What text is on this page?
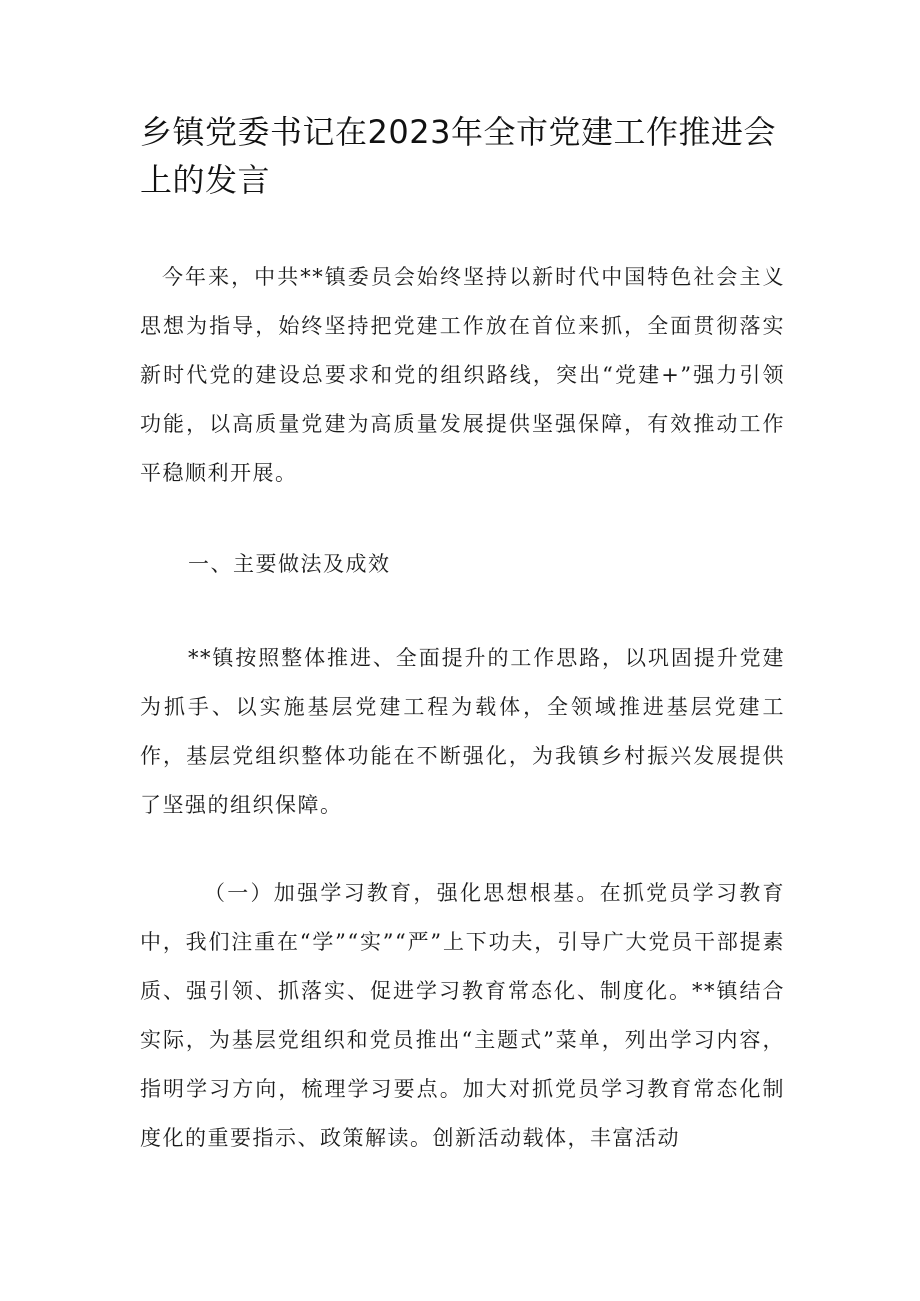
乡镇党委书记在2023年全市党建工作推进会上的发言

今年来，中共**镇委员会始终坚持以新时代中国特色社会主义思想为指导，始终坚持把党建工作放在首位来抓，全面贯彻落实新时代党的建设总要求和党的组织路线，突出“党建+”强力引领功能，以高质量党建为高质量发展提供坚强保障，有效推动工作平稳顺利开展。

一、主要做法及成效

**镇按照整体推进、全面提升的工作思路，以巩固提升党建为抓手、以实施基层党建工程为载体，全领域推进基层党建工作，基层党组织整体功能在不断强化，为我镇乡村振兴发展提供了坚强的组织保障。

（一）加强学习教育，强化思想根基。在抓党员学习教育中，我们注重在“学”“实”“严”上下功夫，引导广大党员干部提素质、强引领、抓落实、促进学习教育常态化、制度化。**镇结合实际，为基层党组织和党员推出“主题式”菜单，列出学习内容，指明学习方向，梳理学习要点。加大对抓党员学习教育常态化制度化的重要指示、政策解读。创新活动载体，丰富活动
